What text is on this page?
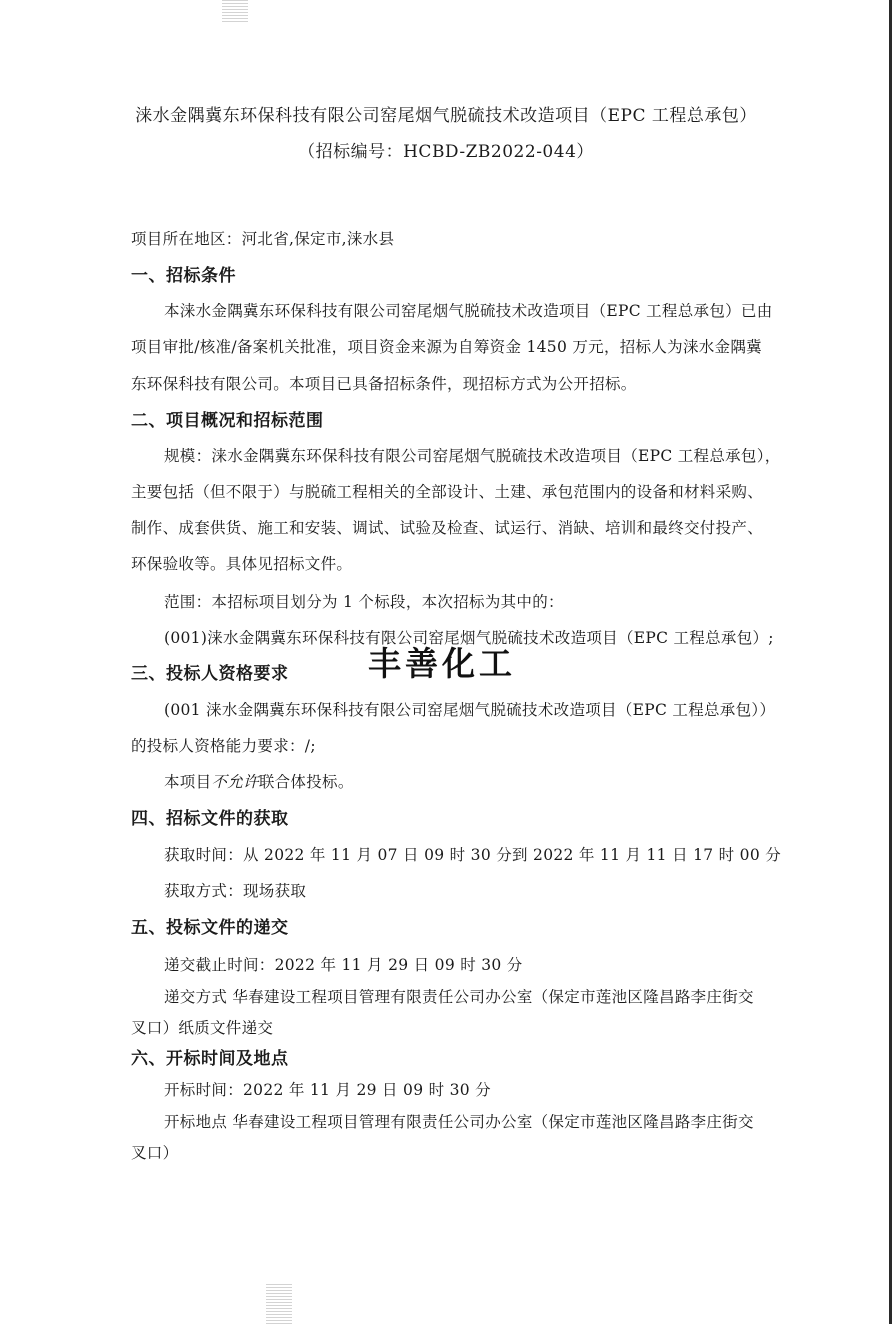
涞水金隅冀东环保科技有限公司窑尾烟气脱硫技术改造项目（EPC 工程总承包）
（招标编号：HCBD-ZB2022-044）
项目所在地区：河北省,保定市,涞水县
一、招标条件
本涞水金隅冀东环保科技有限公司窑尾烟气脱硫技术改造项目（EPC 工程总承包）已由
项目审批/核准/备案机关批准，项目资金来源为自筹资金 1450 万元，招标人为涞水金隅冀
东环保科技有限公司。本项目已具备招标条件，现招标方式为公开招标。
二、项目概况和招标范围
规模：涞水金隅冀东环保科技有限公司窑尾烟气脱硫技术改造项目（EPC 工程总承包），
主要包括（但不限于）与脱硫工程相关的全部设计、土建、承包范围内的设备和材料采购、
制作、成套供货、施工和安装、调试、试验及检查、试运行、消缺、培训和最终交付投产、
环保验收等。具体见招标文件。
范围：本招标项目划分为 1 个标段，本次招标为其中的：
(001)涞水金隅冀东环保科技有限公司窑尾烟气脱硫技术改造项目（EPC 工程总承包）;
三、投标人资格要求 丰善化工
(001 涞水金隅冀东环保科技有限公司窑尾烟气脱硫技术改造项目（EPC 工程总承包））
的投标人资格能力要求：/;
本项目不允许联合体投标。
四、招标文件的获取
获取时间：从 2022 年 11 月 07 日 09 时 30 分到 2022 年 11 月 11 日 17 时 00 分
获取方式：现场获取
五、投标文件的递交
递交截止时间：2022 年 11 月 29 日 09 时 30 分
递交方式 华春建设工程项目管理有限责任公司办公室（保定市莲池区隆昌路李庄街交
叉口）纸质文件递交
六、开标时间及地点
开标时间：2022 年 11 月 29 日 09 时 30 分
开标地点 华春建设工程项目管理有限责任公司办公室（保定市莲池区隆昌路李庄街交
叉口）
